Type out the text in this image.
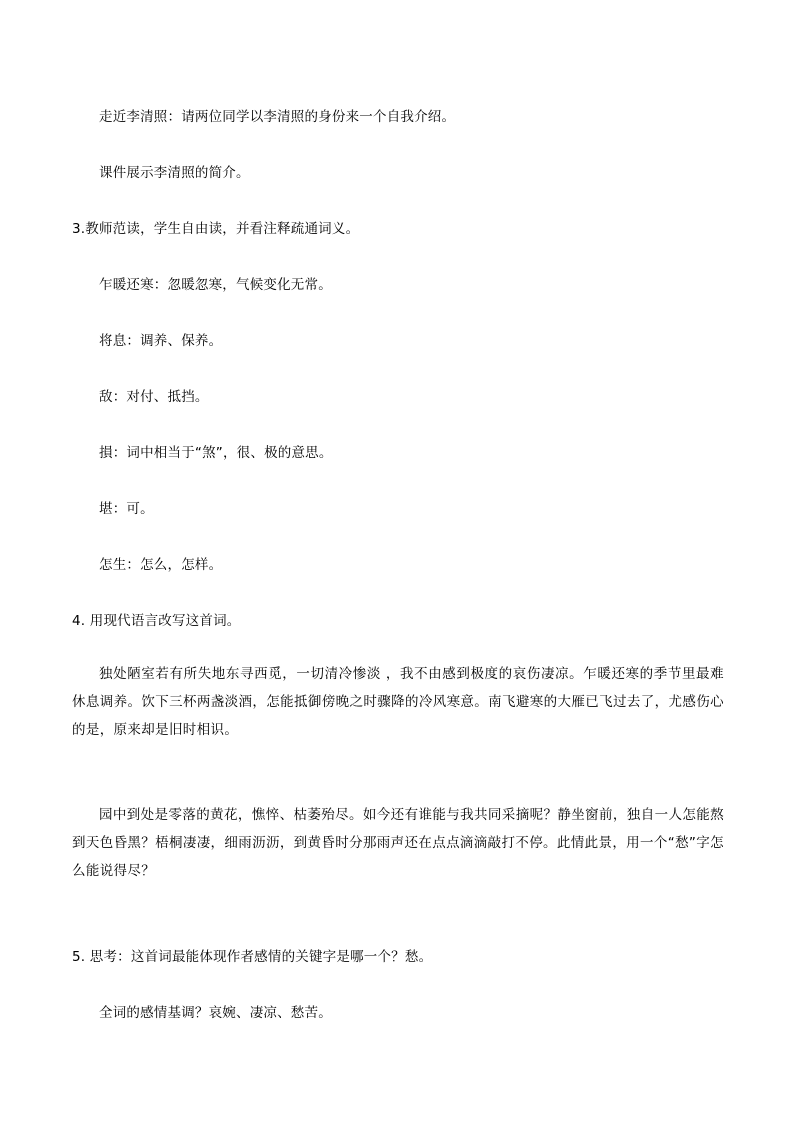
走近李清照：请两位同学以李清照的身份来一个自我介绍。
课件展示李清照的简介。
3.教师范读，学生自由读，并看注释疏通词义。
乍暖还寒：忽暖忽寒，气候变化无常。
将息：调养、保养。
敌：对付、抵挡。
損：词中相当于“煞”，很、极的意思。
堪：可。
怎生：怎么，怎样。
4. 用现代语言改写这首词。
独处陋室若有所失地东寻西觅，一切清冷惨淡 ，我不由感到极度的哀伤凄凉。乍暖还寒的季节里最难休息调养。饮下三杯两盏淡酒，怎能抵御傍晚之时骤降的冷风寒意。南飞避寒的大雁已飞过去了，尤感伤心的是，原来却是旧时相识。
园中到处是零落的黄花，憔悴、枯萎殆尽。如今还有谁能与我共同采摘呢？静坐窗前，独自一人怎能熬到天色昏黑？梧桐凄凄，细雨沥沥，到黄昏时分那雨声还在点点滴滴敲打不停。此情此景，用一个“愁”字怎么能说得尽？
5. 思考：这首词最能体现作者感情的关键字是哪一个？愁。
全词的感情基调？哀婉、凄凉、愁苦。
